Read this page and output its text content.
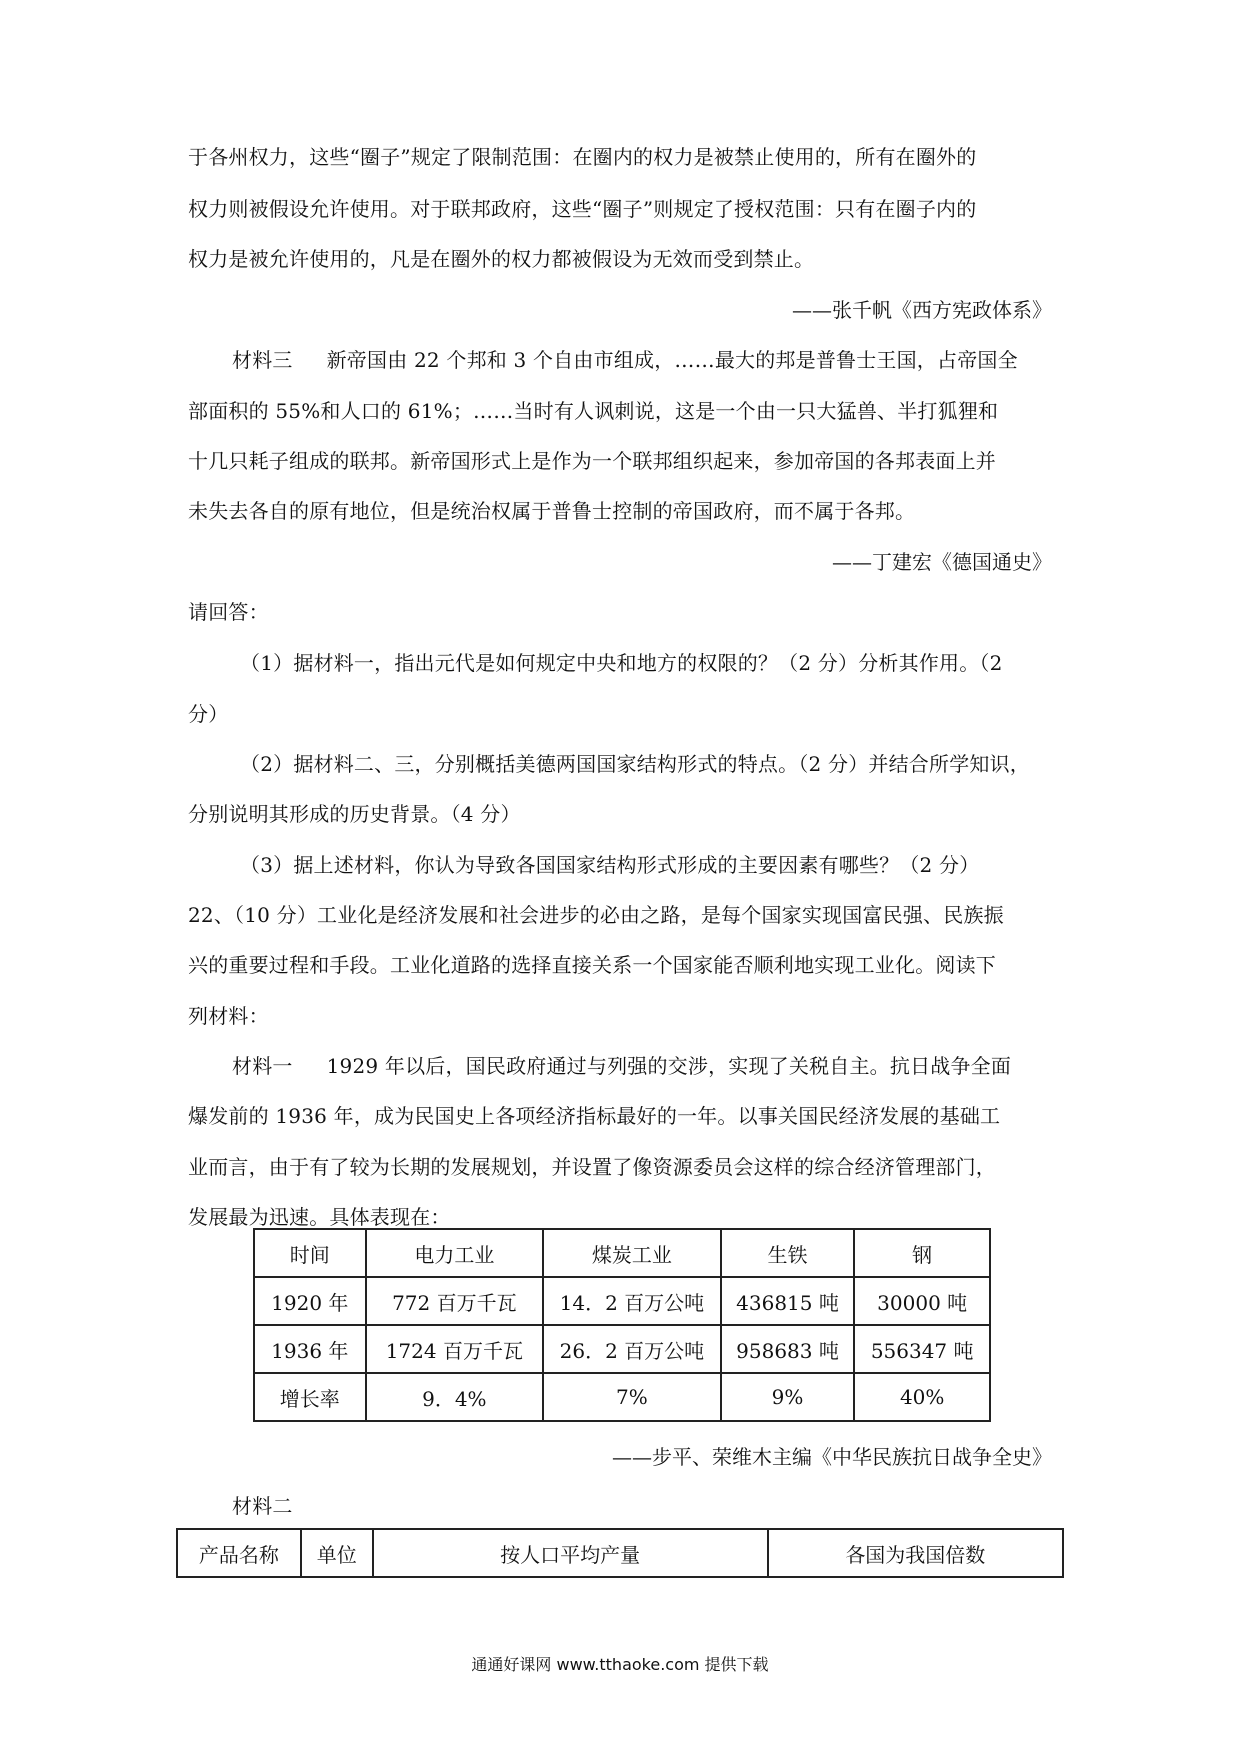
于各州权力，这些“圈子”规定了限制范围：在圈内的权力是被禁止使用的，所有在圈外的
权力则被假设允许使用。对于联邦政府，这些“圈子”则规定了授权范围：只有在圈子内的
权力是被允许使用的，凡是在圈外的权力都被假设为无效而受到禁止。
——张千帆《西方宪政体系》
材料三 新帝国由 22 个邦和 3 个自由市组成，……最大的邦是普鲁士王国，占帝国全
部面积的 55%和人口的 61%；……当时有人讽刺说，这是一个由一只大猛兽、半打狐狸和
十几只耗子组成的联邦。新帝国形式上是作为一个联邦组织起来，参加帝国的各邦表面上并
未失去各自的原有地位，但是统治权属于普鲁士控制的帝国政府，而不属于各邦。
——丁建宏《德国通史》
请回答：
（1）据材料一，指出元代是如何规定中央和地方的权限的？（2 分）分析其作用。（2
分）
（2）据材料二、三，分别概括美德两国国家结构形式的特点。（2 分）并结合所学知识，
分别说明其形成的历史背景。（4 分）
（3）据上述材料，你认为导致各国国家结构形式形成的主要因素有哪些？（2 分）
22、（10 分）工业化是经济发展和社会进步的必由之路，是每个国家实现国富民强、民族振
兴的重要过程和手段。工业化道路的选择直接关系一个国家能否顺利地实现工业化。阅读下
列材料：
材料一 1929 年以后，国民政府通过与列强的交涉，实现了关税自主。抗日战争全面
爆发前的 1936 年，成为民国史上各项经济指标最好的一年。以事关国民经济发展的基础工
业而言，由于有了较为长期的发展规划，并设置了像资源委员会这样的综合经济管理部门，
发展最为迅速。具体表现在：
时间	电力工业	煤炭工业	生铁	钢
1920 年	772 百万千瓦	14．2 百万公吨	436815 吨	30000 吨
1936 年	1724 百万千瓦	26．2 百万公吨	958683 吨	556347 吨
增长率	9．4%	7%	9%	40%
——步平、荣维木主编《中华民族抗日战争全史》
材料二
产品名称	单位	按人口平均产量	各国为我国倍数
通通好课网 www.tthaoke.com 提供下载
